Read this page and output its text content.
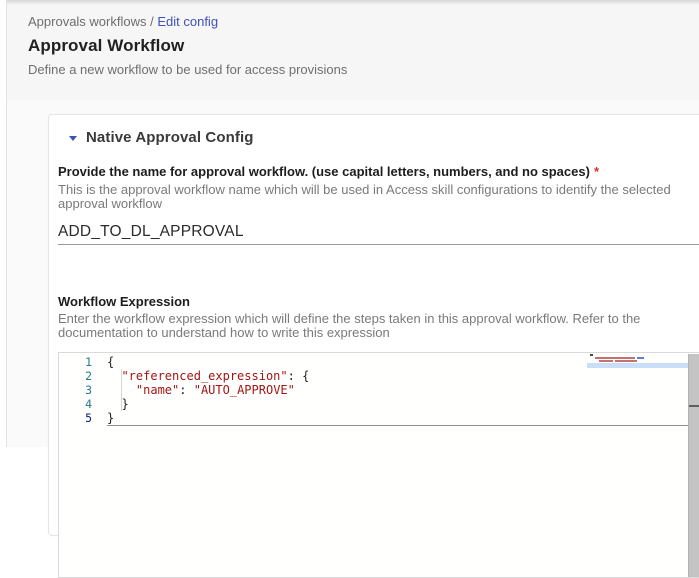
Approvals workflows / Edit config
Approval Workflow
Define a new workflow to be used for access provisions
Native Approval Config
Provide the name for approval workflow. (use capital letters, numbers, and no spaces) *
This is the approval workflow name which will be used in Access skill configurations to identify the selected approval workflow
ADD_TO_DL_APPROVAL
Workflow Expression
Enter the workflow expression which will define the steps taken in this approval workflow. Refer to the documentation to understand how to write this expression
1
2
3
4
5
{
"referenced_expression": {
"name": "AUTO_APPROVE"
}
}
